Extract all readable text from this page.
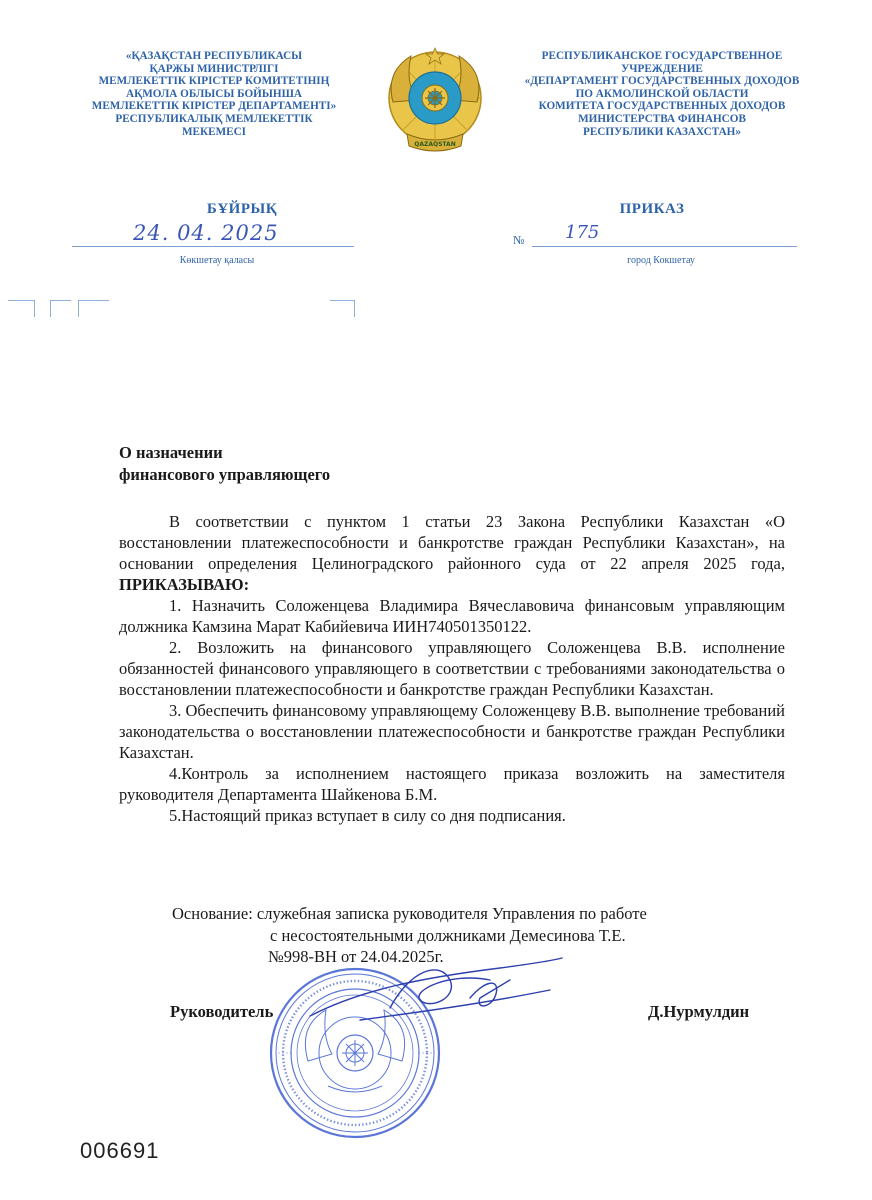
«ҚАЗАҚСТАН РЕСПУБЛИКАСЫ
ҚАРЖЫ МИНИСТРЛІГІ
МЕМЛЕКЕТТІК КІРІСТЕР КОМИТЕТІНІҢ
АҚМОЛА ОБЛЫСЫ БОЙЫНША
МЕМЛЕКЕТТІК КІРІСТЕР ДЕПАРТАМЕНТІ»
РЕСПУБЛИКАЛЫҚ МЕМЛЕКЕТТІК
МЕКЕМЕСІ
QAZAQSTAN
РЕСПУБЛИКАНСКОЕ ГОСУДАРСТВЕННОЕ
УЧРЕЖДЕНИЕ
«ДЕПАРТАМЕНТ ГОСУДАРСТВЕННЫХ ДОХОДОВ
ПО АКМОЛИНСКОЙ ОБЛАСТИ
КОМИТЕТА ГОСУДАРСТВЕННЫХ ДОХОДОВ
МИНИСТЕРСТВА ФИНАНСОВ
РЕСПУБЛИКИ КАЗАХСТАН»
БҰЙРЫҚ	ПРИКАЗ
24. 04. 2025	№ 175
Көкшетау қаласы	город Кокшетау
О назначении
финансового управляющего

В соответствии с пунктом 1 статьи 23 Закона Республики Казахстан «О восстановлении платежеспособности и банкротстве граждан Республики Казахстан», на основании определения Целиноградского районного суда от 22 апреля 2025 года, ПРИКАЗЫВАЮ:

1. Назначить Соложенцева Владимира Вячеславовича финансовым управляющим должника Камзина Марат Кабийевича ИИН740501350122.

2. Возложить на финансового управляющего Соложенцева В.В. исполнение обязанностей финансового управляющего в соответствии с требованиями законодательства о восстановлении платежеспособности и банкротстве граждан Республики Казахстан.

3. Обеспечить финансовому управляющему Соложенцеву В.В. выполнение требований законодательства о восстановлении платежеспособности и банкротстве граждан Республики Казахстан.

4.Контроль за исполнением настоящего приказа возложить на заместителя руководителя Департамента Шайкенова Б.М.

5.Настоящий приказ вступает в силу со дня подписания.

Основание: служебная записка руководителя Управления по работе
с несостоятельными должниками Демесинова Т.Е.
№998-ВН от 24.04.2025г.
Руководитель	Д.Нурмулдин
006691
